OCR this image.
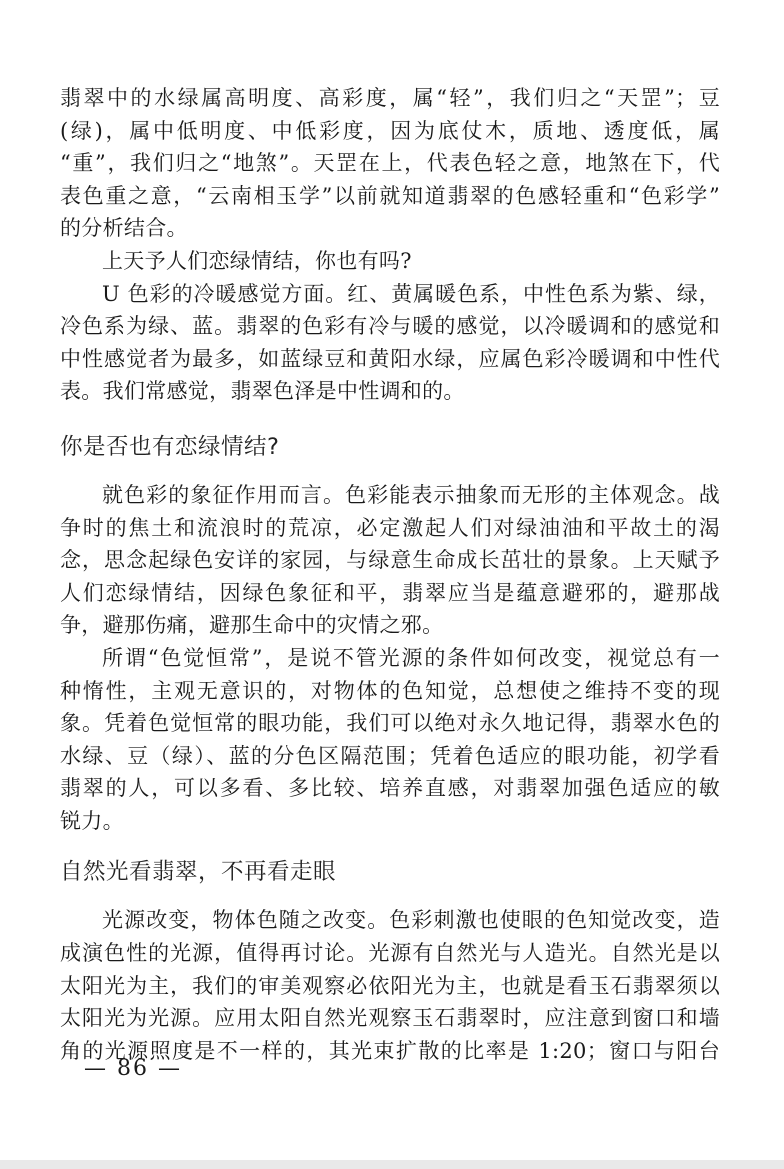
翡翠中的水绿属高明度、高彩度，属“轻”，我们归之“天罡”；豆

(绿)，属中低明度、中低彩度，因为底仗木，质地、透度低，属

“重”，我们归之“地煞”。天罡在上，代表色轻之意，地煞在下，代

表色重之意，“云南相玉学”以前就知道翡翠的色感轻重和“色彩学”

的分析结合。

上天予人们恋绿情结，你也有吗?

U 色彩的冷暖感觉方面。红、黄属暖色系，中性色系为紫、绿，

冷色系为绿、蓝。翡翠的色彩有冷与暖的感觉，以冷暖调和的感觉和

中性感觉者为最多，如蓝绿豆和黄阳水绿，应属色彩冷暖调和中性代

表。我们常感觉，翡翠色泽是中性调和的。

你是否也有恋绿情结?

就色彩的象征作用而言。色彩能表示抽象而无形的主体观念。战

争时的焦土和流浪时的荒凉，必定激起人们对绿油油和平故土的渴

念，思念起绿色安详的家园，与绿意生命成长茁壮的景象。上天赋予

人们恋绿情结，因绿色象征和平，翡翠应当是蕴意避邪的，避那战

争，避那伤痛，避那生命中的灾情之邪。

所谓“色觉恒常”，是说不管光源的条件如何改变，视觉总有一

种惰性，主观无意识的，对物体的色知觉，总想使之维持不变的现

象。凭着色觉恒常的眼功能，我们可以绝对永久地记得，翡翠水色的

水绿、豆（绿）、蓝的分色区隔范围；凭着色适应的眼功能，初学看

翡翠的人，可以多看、多比较、培养直感，对翡翠加强色适应的敏

锐力。

自然光看翡翠，不再看走眼

光源改变，物体色随之改变。色彩刺激也使眼的色知觉改变，造

成演色性的光源，值得再讨论。光源有自然光与人造光。自然光是以

太阳光为主，我们的审美观察必依阳光为主，也就是看玉石翡翠须以

太阳光为光源。应用太阳自然光观察玉石翡翠时，应注意到窗口和墙

角的光源照度是不一样的，其光束扩散的比率是 1:20；窗口与阳台

— 86 —
